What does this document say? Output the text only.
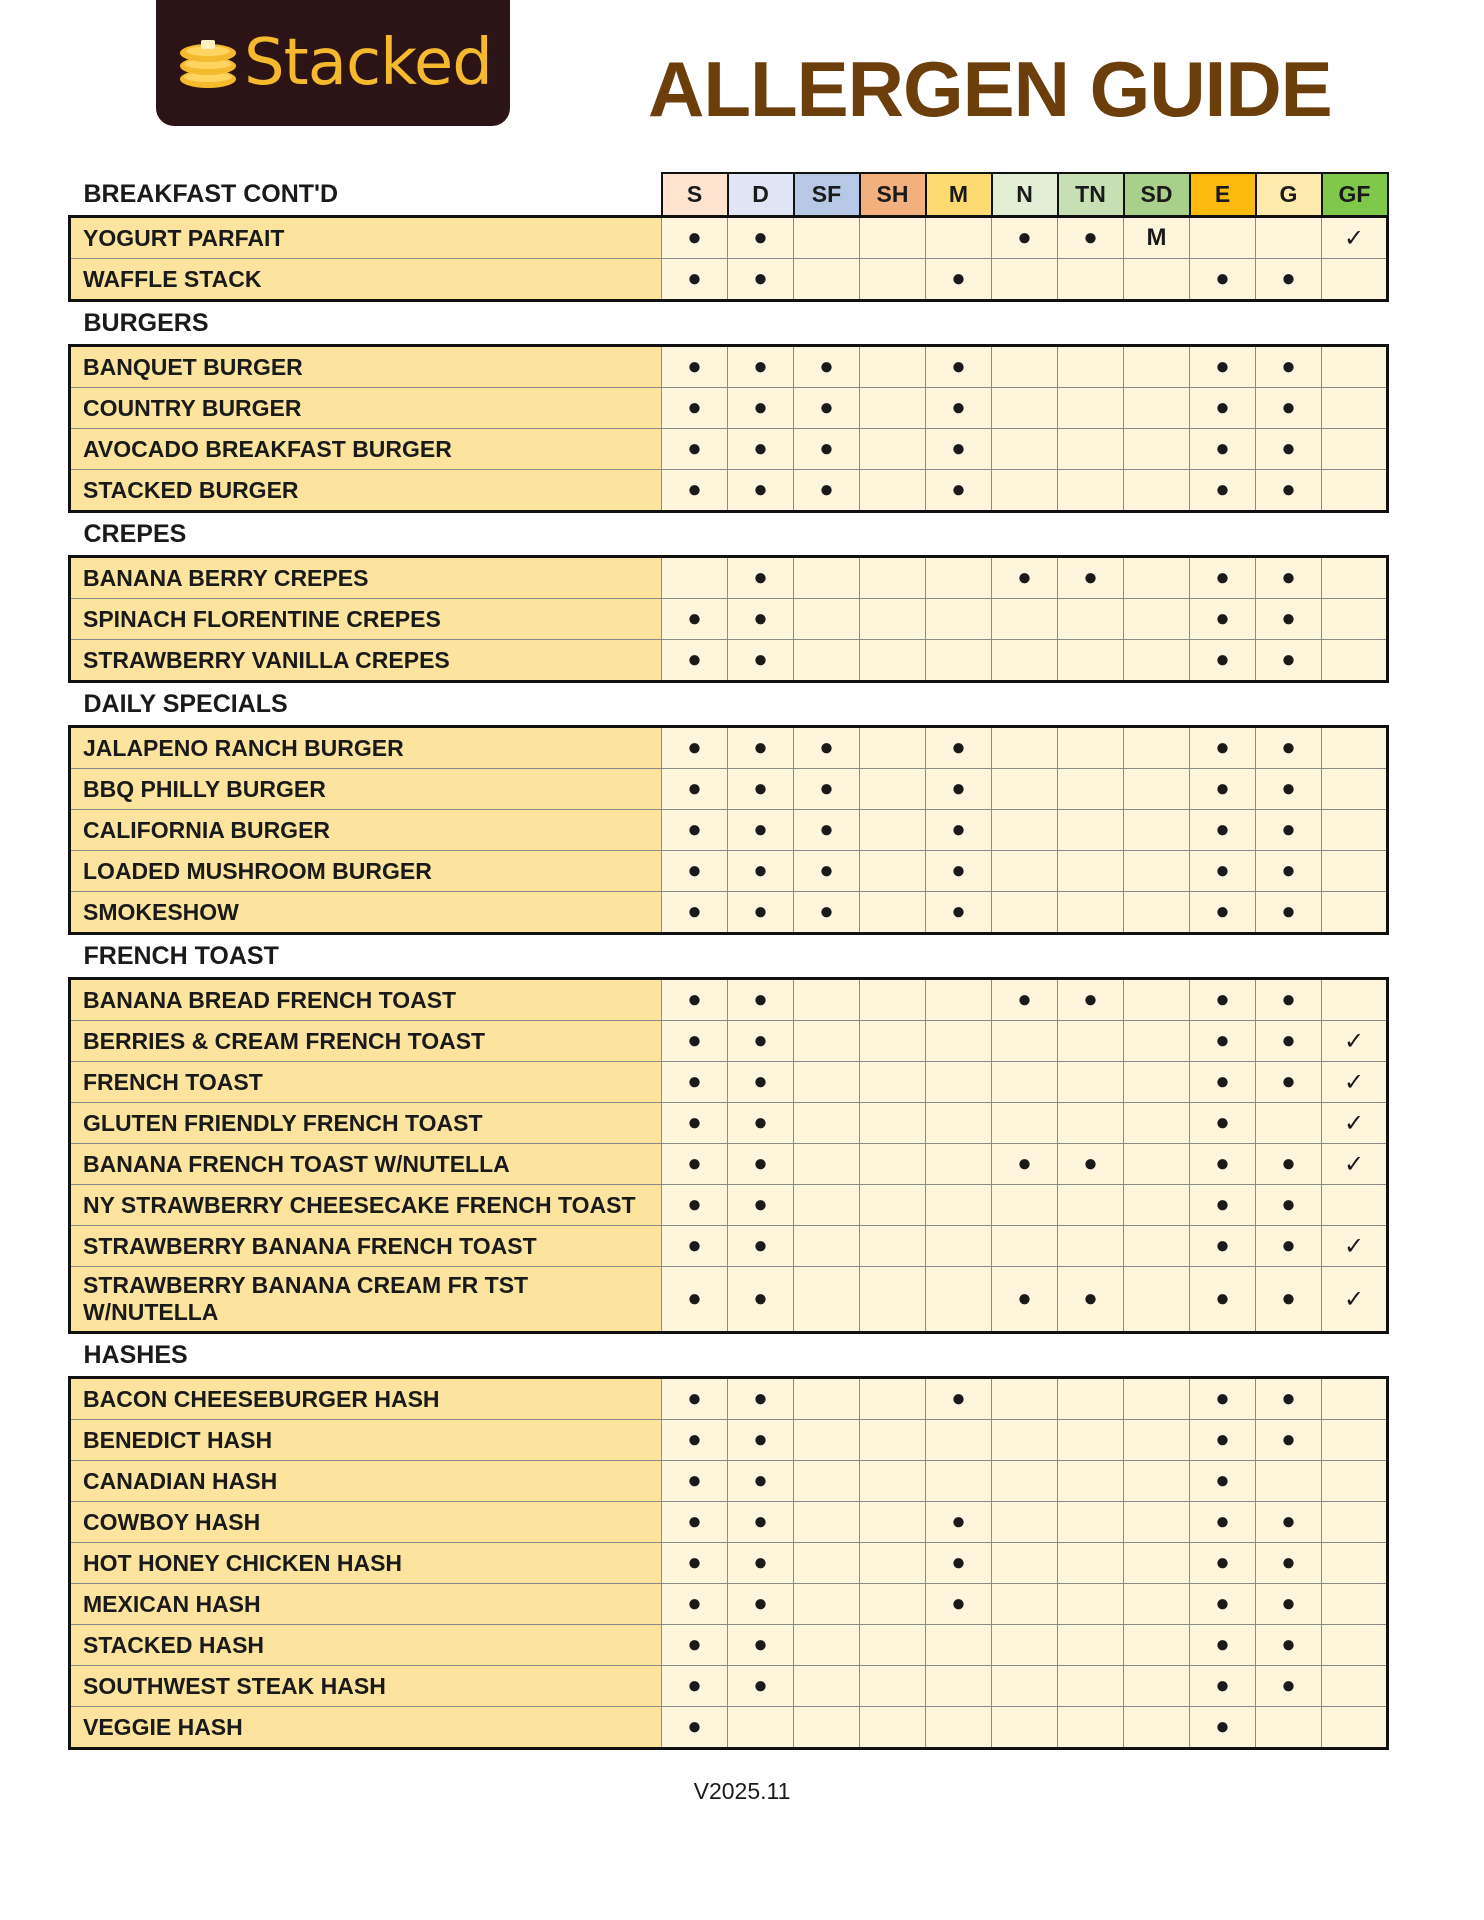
Stacked ALLERGEN GUIDE
BREAKFAST CONT'D	S	D	SF	SH	M	N	TN	SD	E	G	GF
YOGURT PARFAIT	●	●				●	●	M			✓
WAFFLE STACK	●	●			●				●	●	
BURGERS											
BANQUET BURGER	●	●	●		●				●	●	
COUNTRY BURGER	●	●	●		●				●	●	
AVOCADO BREAKFAST BURGER	●	●	●		●				●	●	
STACKED BURGER	●	●	●		●				●	●	
CREPES											
BANANA BERRY CREPES		●				●	●		●	●	
SPINACH FLORENTINE CREPES	●	●							●	●	
STRAWBERRY VANILLA CREPES	●	●							●	●	
DAILY SPECIALS											
JALAPENO RANCH BURGER	●	●	●		●				●	●	
BBQ PHILLY BURGER	●	●	●		●				●	●	
CALIFORNIA BURGER	●	●	●		●				●	●	
LOADED MUSHROOM BURGER	●	●	●		●				●	●	
SMOKESHOW	●	●	●		●				●	●	
FRENCH TOAST											
BANANA BREAD FRENCH TOAST	●	●				●	●		●	●	
BERRIES & CREAM FRENCH TOAST	●	●							●	●	✓
FRENCH TOAST	●	●							●	●	✓
GLUTEN FRIENDLY FRENCH TOAST	●	●							●		✓
BANANA FRENCH TOAST W/NUTELLA	●	●				●	●		●	●	✓
NY STRAWBERRY CHEESECAKE FRENCH TOAST	●	●							●	●	
STRAWBERRY BANANA FRENCH TOAST	●	●							●	●	✓

STRAWBERRY BANANA CREAM FR TST
W/NUTELLA	●	●				●	●		●	●	✓
HASHES											
BACON CHEESEBURGER HASH	●	●			●				●	●	
BENEDICT HASH	●	●							●	●	
CANADIAN HASH	●	●							●		
COWBOY HASH	●	●			●				●	●	
HOT HONEY CHICKEN HASH	●	●			●				●	●	
MEXICAN HASH	●	●			●				●	●	
STACKED HASH	●	●							●	●	
SOUTHWEST STEAK HASH	●	●							●	●	
VEGGIE HASH	●								●		
V2025.11
